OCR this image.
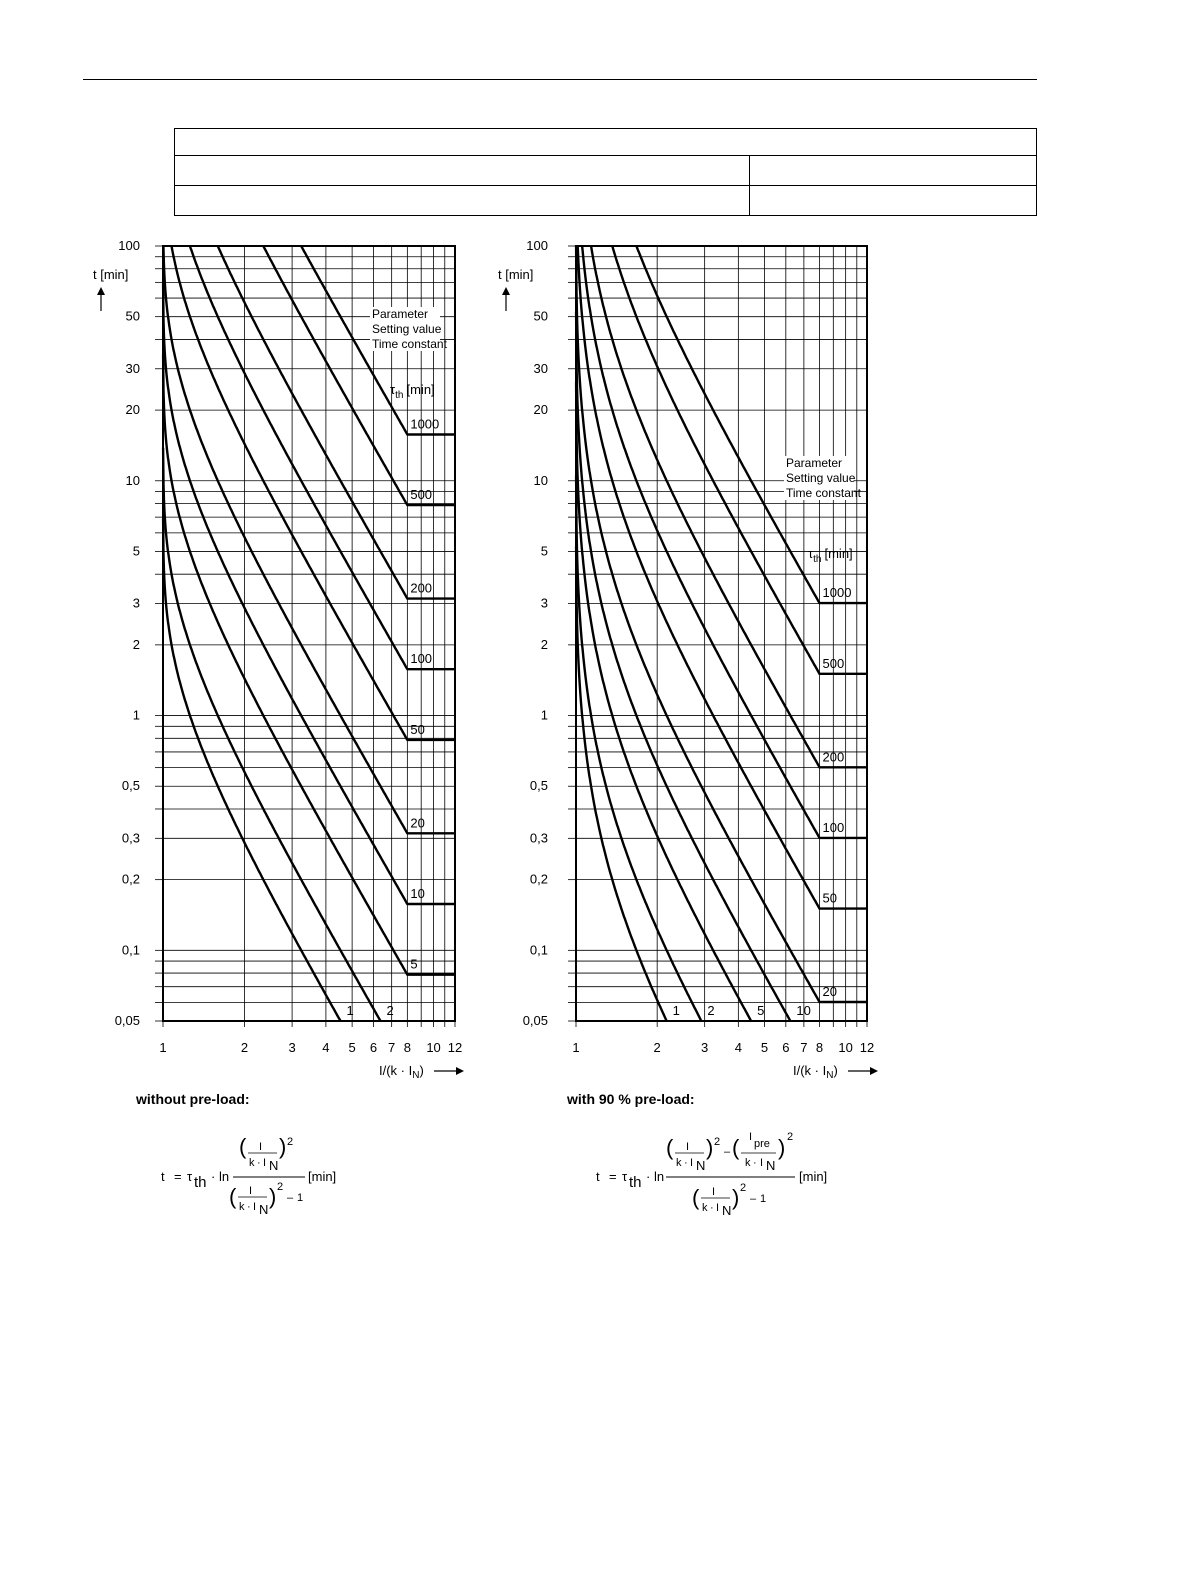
100
50
30
20
10
5
3
2
1
0,5
0,3
0,2
0,1
0,05
1	2	3 4 5 6 7 8 10 12
t [min]
$I/(k \cdot I_N)$
Parameter
Setting value
Time constant
$\tau_{th}$ [min]
1000
500
200
100
50
20
10
5
2
1
100
50
30
20
10
5
3
2
1
0,5
0,3
0,2
0,1
0,05
1	2	3 4 5 6 7 8 10 12
t [min]
$I/(k \cdot I_N)$
Parameter
Setting value
Time constant
$\tau_{th}$ [min]
1000
500
200
100
50
20
10
5
2
1
without pre-load:	with 90 % pre-load:
t = τ th · ln
( I
k · I N
) 2
( I
k · I N
) 2
– 1
[min]	t = τ th · ln
( I
k · I N
) 2
– ( I
pre
k · I N
) 2
( I
k · I N
) 2
– 1
[min]
